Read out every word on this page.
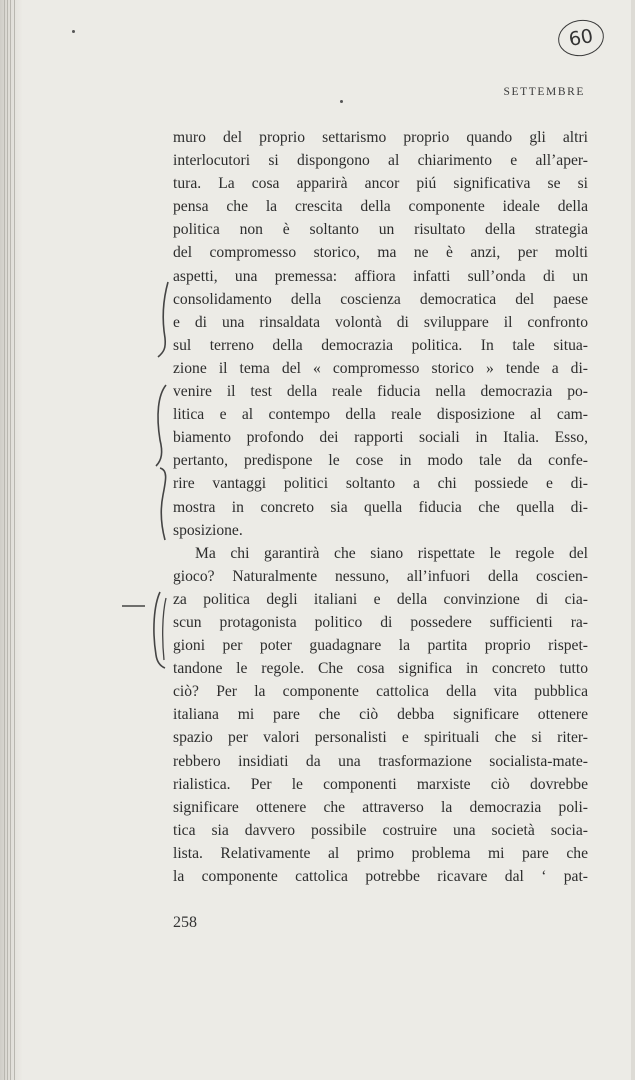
60
SETTEMBRE
muro del proprio settarismo proprio quando gli altri
interlocutori si dispongono al chiarimento e all’aper-
tura. La cosa apparirà ancor piú significativa se si
pensa che la crescita della componente ideale della
politica non è soltanto un risultato della strategia
del compromesso storico, ma ne è anzi, per molti
aspetti, una premessa: affiora infatti sull’onda di un
consolidamento della coscienza democratica del paese
e di una rinsaldata volontà di sviluppare il confronto
sul terreno della democrazia politica. In tale situa-
zione il tema del « compromesso storico » tende a di-
venire il test della reale fiducia nella democrazia po-
litica e al contempo della reale disposizione al cam-
biamento profondo dei rapporti sociali in Italia. Esso,
pertanto, predispone le cose in modo tale da confe-
rire vantaggi politici soltanto a chi possiede e di-
mostra in concreto sia quella fiducia che quella di-
sposizione.
Ma chi garantirà che siano rispettate le regole del
gioco? Naturalmente nessuno, all’infuori della coscien-
za politica degli italiani e della convinzione di cia-
scun protagonista politico di possedere sufficienti ra-
gioni per poter guadagnare la partita proprio rispet-
tandone le regole. Che cosa significa in concreto tutto
ciò? Per la componente cattolica della vita pubblica
italiana mi pare che ciò debba significare ottenere
spazio per valori personalisti e spirituali che si riter-
rebbero insidiati da una trasformazione socialista-mate-
rialistica. Per le componenti marxiste ciò dovrebbe
significare ottenere che attraverso la democrazia poli-
tica sia davvero possibile costruire una società socia-
lista. Relativamente al primo problema mi pare che
la componente cattolica potrebbe ricavare dal ‘ pat-
258
